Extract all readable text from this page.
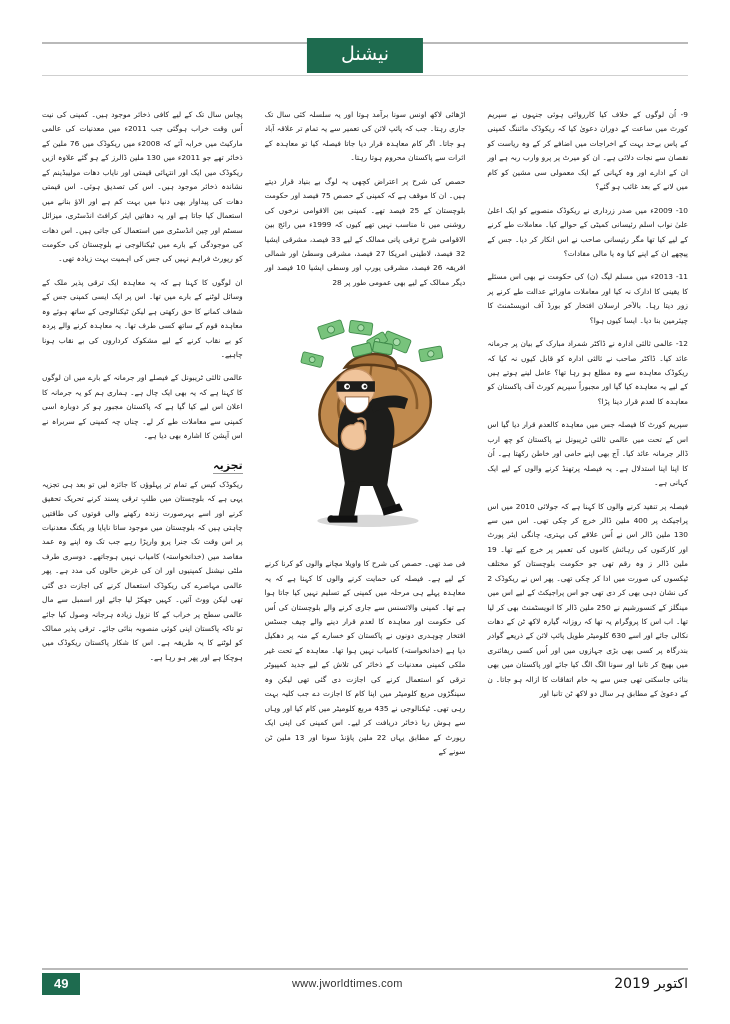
نیشنل

9- اُن لوگوں کے خلاف کیا کارروائی ہوئی جنہوں نے سپریم کورٹ میں ساعت کے دوران دعویٰ کیا کہ ریکوڈک مائننگ کمپنی کے پاس بےحد بہت کے اخراجات میں اضافے کر کے وہ ریاست کو نقصان سے نجات دلائی ہے۔ ان کو میرٹ پر پرو وارب ربہ ہے اور ان کے ادارے اور وہ کہانی کے ایک معمولی سی مشین کو کام میں لانے کے بعد غائب ہو گئے؟

10- 2009ء میں صدر زرداری نے ریکوڈک منصوبے کو ایک اعلیٰ علیٰ نواب اسلم رئیسانی کمیٹی کے حوالے کیا۔ معاملات طے کرنے کے لیے کیا تھا مگر رئیسانی صاحب نے اس انکار کر دیا۔ جس کے پیچھے ان کے اپنے کیا وہ یا مالی مفادات؟

11- 2013ء میں مسلم لیگ (ن) کی حکومت نے بھی اس مسئلے کا یقینی کا ادارک نہ کیا اور معاملات ماورائے عدالت طے کرنے پر زور دیتا رہا۔ بالآخر ارسلان افتخار کو بورڈ آف انویسٹمنٹ کا چیئرمین بنا دیا۔ ایسا کیوں ہوا؟

12- عالمی ثالثی ادارہ نے ڈاکٹر شمراد مبارک کے بیان پر جرمانہ عائد کیا۔ ڈاکٹر صاحب نے ثالثی ادارہ کو قابل کیوں نہ کیا کہ ریکوڈک معاہدہ سے وہ مطلع ہو رہا تھا؟ عامل لینے ہوتے ہیں کے لیے یہ معاہدہ کیا گیا اور مجبوراً سپریم کورٹ آف پاکستان کو معاہدہ کا لعدم قرار دینا پڑا؟

سپریم کورٹ کا فیصلہ جس میں معاہدہ کالعدم قرار دیا گیا اس اس کے تحت میں عالمی ثالثی ٹریبونل نے پاکستان کو چھ ارب ڈالر جرمانہ عائد کیا۔ آج بھی اپنے حامی اور خاطن رکھتا ہے۔ اُن کا اپنا اپنا استدلال ہے۔ یہ فیصلہ پرتھنڈ کرنے والوں کے لیے ایک کہانی ہے۔

فیصلہ پر تنقید کرنے والوں کا کہنا ہے کہ جولائی 2010 میں اس پراجیکٹ پر 400 ملین ڈالر خرچ کر چکی تھی۔ اس میں سے 130 ملین ڈالر اس نے اُس علاقے کی بہتری، چانگی ایئر پورٹ اور کارکنوں کی رہائش کاموں کی تعمیر پر خرچ کیے تھا۔ 19 ملین ڈالر ز وہ رقم تھی جو حکومت بلوچستان کو مختلف ٹیکسوں کی صورت میں ادا کر چکی تھی۔ پھر اس نے ریکوڈک 2 کی نشان دہی بھی کر دی تھی جو اس پراجیکٹ کے لیے اس میں مینگلز کے کنسورشیم نے 250 ملین ڈالر کا انویسٹمنٹ بھی کر لیا تھا۔ اب اس کا پروگرام یہ تھا کہ روزانہ گیارہ لاکھ ٹن کے دھات نکالی جائے اور اسے 630 کلومیٹر طویل پائپ لائن کے ذریعے گوادر بندرگاہ پر کسی بھی بڑی جہازوں میں اور اُس کسی ریفائنری میں بھیج کر تانبا اور سونا الگ الگ کیا جائے اور پاکستان میں بھی بنائی جاسکتی تھی جس سے یہ خام اتفاقات کا ازالہ ہو جاتا۔ ن کے دعویٰ کے مطابق ہر سال دو لاکھ ٹن تانبا اور

اڑھائی لاکھ اونس سونا برآمد ہوتا اور یہ سلسلہ کئی سال تک جاری رہتا۔ جب کہ پائپ لائن کی تعمیر سے یہ تمام تر علاقہ آباد ہو جاتا۔ اگر کام معاہدہ قرار دیا جاتا فیصلہ کیا تو معاہدہ کے اثرات سے پاکستان محروم ہوتا رہتا۔

حصص کی شرح پر اعتراض کچھی یہ لوگ بے بنیاد قرار دیتے ہیں۔ ان کا موقف ہے کہ کمپنی کے حصص 75 فیصد اور حکومت بلوچستان کے 25 فیصد تھے۔ کمپنی بین الاقوامی نرخوں کی روشنی میں نا مناسب نہیں تھے کیوں کہ 1999ء میں رائج بین الاقوامی شرحِ ترقی پانی ممالک کے لیے 33 فیصد، مشرقی ایشیا 32 فیصد، لاطینی امریکا 27 فیصد، مشرقی وسطیٰ اور شمالی افریقہ 26 فیصد، مشرقی یورپ اور وسطی ایشیا 10 فیصد اور دیگر ممالک کے لیے بھی عمومی طور پر 28

فی صد تھی۔ حصص کی شرح کا واویلا مچانے والوں کو کرنا کرنے کے لیے ہے۔ فیصلہ کی حمایت کرنے والوں کا کہنا ہے کہ یہ معاہدہ پہلے ہی مرحلہ میں کمپنی کے تسلیم نہیں کیا جاتا ہوا ہے تھا۔ کمپنی والائسنس سے جاری کرنے والے بلوچستان کی اُس کی حکومت اور معاہدہ کا لعدم قرار دینے والے چیف جسٹس افتخار چوہدری دونوں نے پاکستان کو خسارے کے منہ پر دھکیل دیا ہے (خدانخواستہ) کامیاب نہیں ہوا تھا۔ معاہدہ کے تحت غیر ملکی کمپنی معدنیات کے ذخائر کی تلاش کے لیے جدید کمپیوٹر ترقی کو استعمال کرنے کی اجازت دی گئی تھی لیکن وہ سینگڑوں مربع کلومیٹر میں اپنا کام کا اجازت دے جب کلیہ بہت رہی تھی۔ ٹیکنالوجی نے 435 مربع کلومیٹر میں کام کیا اور وہاں سے ہوش ربا ذخائر دریافت کر لیے۔ اس کمپنی کی اپنی ایک رپورٹ کے مطابق یہاں 22 ملین پاؤنڈ سونا اور 13 ملین ٹن سونے کے

پچاس سال تک کے لیے کافی ذخائر موجود ہیں۔ کمپنی کی نیت اُس وقت خراب ہوگئی جب 2011ء میں معدنیات کی عالمی مارکیٹ میں خرابہ آئے کہ 2008ء میں ریکوڈک میں 76 ملین کے ذخائر تھے جو 2011ء میں 130 ملین ڈالرز کے ہو گئے علاوہ ازیں ریکوڈک میں ایک اور انتہائی قیمتی اور نایاب دھات مولیبڈینم کے نشاندہ ذخائر موجود ہیں۔ اس کی تصدیق ہوئی۔ اس قیمتی دھات کی پیداوار بھی دنیا میں بہت کم ہے اور الاؤ بنانے میں استعمال کیا جاتا ہے اور یہ دھاتیں ایئر کرافٹ انڈسٹری، میزائل سسٹم اور چین انڈسٹری میں استعمال کی جاتی ہیں۔ اس دھات کی موجودگی کے بارے میں ٹیکنالوجی نے بلوچستان کی حکومت کو رپورٹ فراہم نہیں کی جس کی اہمیت بہت زیادہ تھی۔

ان لوگوں کا کہنا ہے کہ یہ معاہدہ ایک ترقی پذیر ملک کے وسائل لوٹنے کے بارے میں تھا۔ اس پر ایک ایسی کمپنی جس کے شفاف کمانے کا حق رکھتی ہے لیکن ٹیکنالوجی کے ساتھ ہوئے وہ معاہدہ قوم کے ساتھ کسی طرف تھا۔ یہ معاہدہ کرنے والے پردہ کو بے نقاب کرنے کے لیے مشکوک کرداروں کی بے نقاب ہونا چاہیے۔

عالمی ثالثی ٹریبونل کے فیصلے اور جرمانہ کے بارے میں ان لوگوں کا کہنا ہے کہ یہ بھی ایک چال ہے۔ ہماری ہم کو یہ جرمانہ کا اعلان اس لیے کیا گیا ہے کہ پاکستان مجبور ہو کر دوبارہ اسی کمپنی سے معاملات طے کر لے۔ چناں چہ کمپنی کے سربراہ نے اس آپشن کا اشارہ بھی دیا ہے۔

تجزیہ

ریکوڈک کیس کے تمام تر پہلوؤں کا جائزہ لیں تو بعد ہی تجزیہ یہی ہے کہ بلوچستان میں طلبِ ترقی پسند کرنے تحریک تحقیق کرنے اور اسے بہرصورت زندہ رکھنے والی قوتوں کی طاقتیں چاہتی ہیں کہ بلوچستان میں موجود ساتا ناپایا ور یکنگ معدنیات پر اس وقت تک جنرا پرو وارپڑا رہے جب تک وہ اپنے وہ عمد مقاصد میں (خدانخواستہ) کامیاب نہیں ہوجاتھے۔ دوسری طرف ملٹی نیشنل کمپنیوں اور ان کی غرض حالوں کی مدد ہے۔ پھر عالمی مہاصرے کی ریکوڈک استعمال کرنے کی اجازت دی گئی تھی لیکن ووٹ آئیں۔ کہیں جھکڑ لیا جائے اور اسمبل سے مال عالمی سطح پر خراب کے کا نزول زیادہ ہرجانہ وصول کیا جائے تو تاکہ پاکستان اپنی کوئی منصوبہ بنائی جائے۔ ترقی پذیر ممالک کو لوٹنے کا یہ طریقہ ہے۔ اس کا شکار پاکستان ریکوڈک میں ہوچکا ہے اور پھر ہو رہا ہے۔

49	www.jworldtimes.com	اکتوبر 2019
